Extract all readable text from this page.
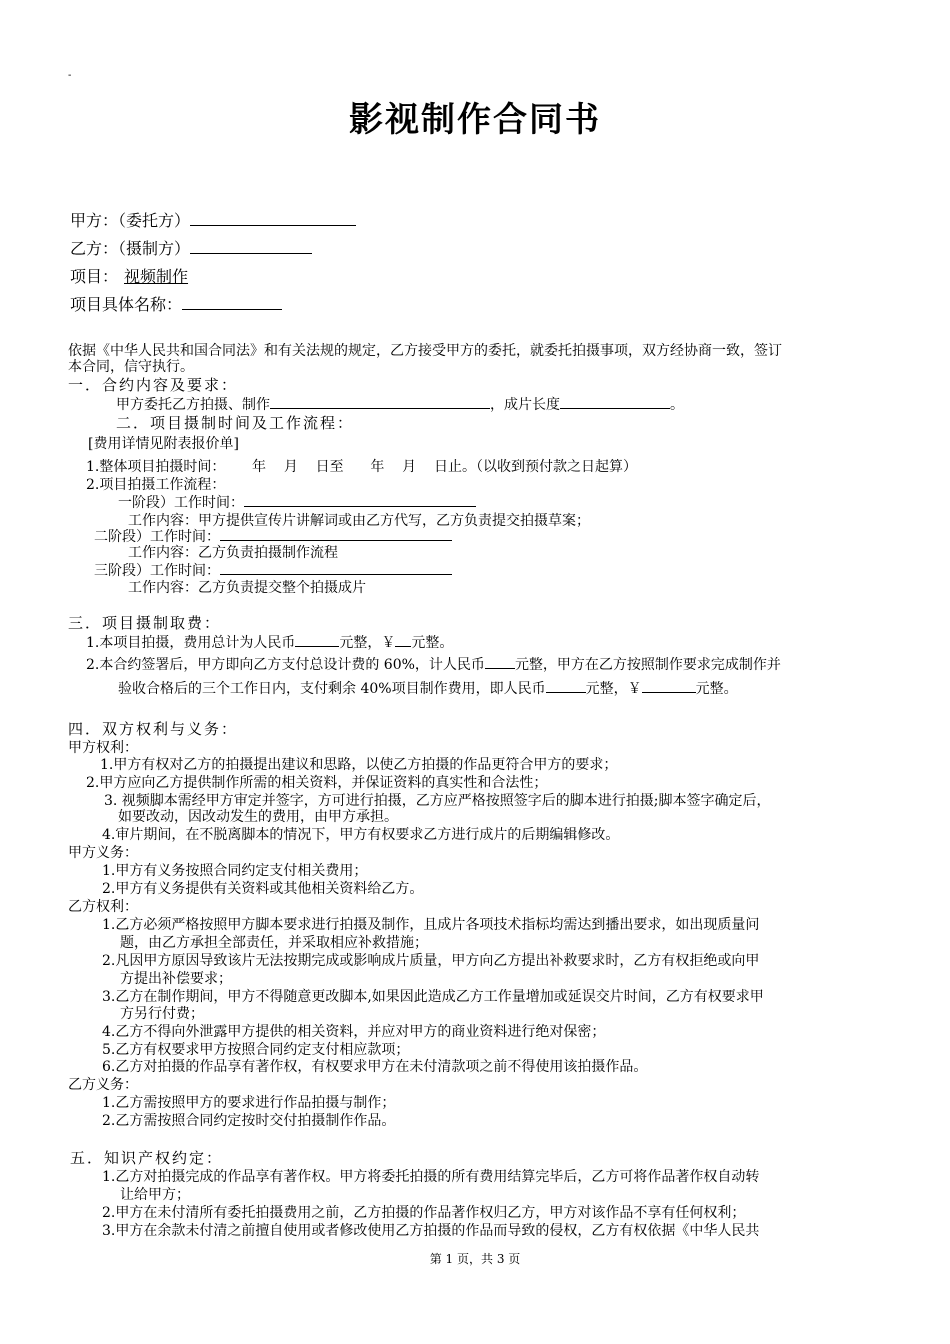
-
影视制作合同书
甲方：（委托方）
乙方：（摄制方）
项目： 视频制作
项目具体名称：
依据《中华人民共和国合同法》和有关法规的规定，乙方接受甲方的委托，就委托拍摄事项，双方经协商一致，签订
本合同，信守执行。
一．合约内容及要求：
甲方委托乙方拍摄、制作	，成片长度	。
二．项目摄制时间及工作流程：
[费用详情见附表报价单]
1.整体项目拍摄时间：      年    月    日至      年    月    日止。（以收到预付款之日起算）
2.项目拍摄工作流程：
一阶段）工作时间：
工作内容：甲方提供宣传片讲解词或由乙方代写，乙方负责提交拍摄草案；
二阶段）工作时间：
工作内容：乙方负责拍摄制作流程
三阶段）工作时间：
工作内容：乙方负责提交整个拍摄成片
三．项目摄制取费：
1.本项目拍摄，费用总计为人民币	元整，￥ 元整。
2.本合约签署后，甲方即向乙方支付总设计费的 60%，计人民币 元整，甲方在乙方按照制作要求完成制作并
验收合格后的三个工作日内，支付剩余 40%项目制作费用，即人民币	元整，￥	元整。
四．双方权利与义务：
甲方权利：
1.甲方有权对乙方的拍摄提出建议和思路，以使乙方拍摄的作品更符合甲方的要求；
2.甲方应向乙方提供制作所需的相关资料，并保证资料的真实性和合法性；
3. 视频脚本需经甲方审定并签字，方可进行拍摄，乙方应严格按照签字后的脚本进行拍摄;脚本签字确定后，
如要改动，因改动发生的费用，由甲方承担。
4.审片期间，在不脱离脚本的情况下，甲方有权要求乙方进行成片的后期编辑修改。
甲方义务：
1.甲方有义务按照合同约定支付相关费用；
2.甲方有义务提供有关资料或其他相关资料给乙方。
乙方权利：
1.乙方必须严格按照甲方脚本要求进行拍摄及制作，且成片各项技术指标均需达到播出要求，如出现质量问
题，由乙方承担全部责任，并采取相应补救措施；
2.凡因甲方原因导致该片无法按期完成或影响成片质量，甲方向乙方提出补救要求时，乙方有权拒绝或向甲
方提出补偿要求；
3.乙方在制作期间，甲方不得随意更改脚本,如果因此造成乙方工作量增加或延误交片时间，乙方有权要求甲
方另行付费；
4.乙方不得向外泄露甲方提供的相关资料，并应对甲方的商业资料进行绝对保密；
5.乙方有权要求甲方按照合同约定支付相应款项；
6.乙方对拍摄的作品享有著作权，有权要求甲方在未付清款项之前不得使用该拍摄作品。
乙方义务：
1.乙方需按照甲方的要求进行作品拍摄与制作；
2.乙方需按照合同约定按时交付拍摄制作作品。
五．知识产权约定：
1.乙方对拍摄完成的作品享有著作权。甲方将委托拍摄的所有费用结算完毕后，乙方可将作品著作权自动转
让给甲方；
2.甲方在未付清所有委托拍摄费用之前，乙方拍摄的作品著作权归乙方，甲方对该作品不享有任何权利；
3.甲方在余款未付清之前擅自使用或者修改使用乙方拍摄的作品而导致的侵权，乙方有权依据《中华人民共
第 1 页，共 3 页
